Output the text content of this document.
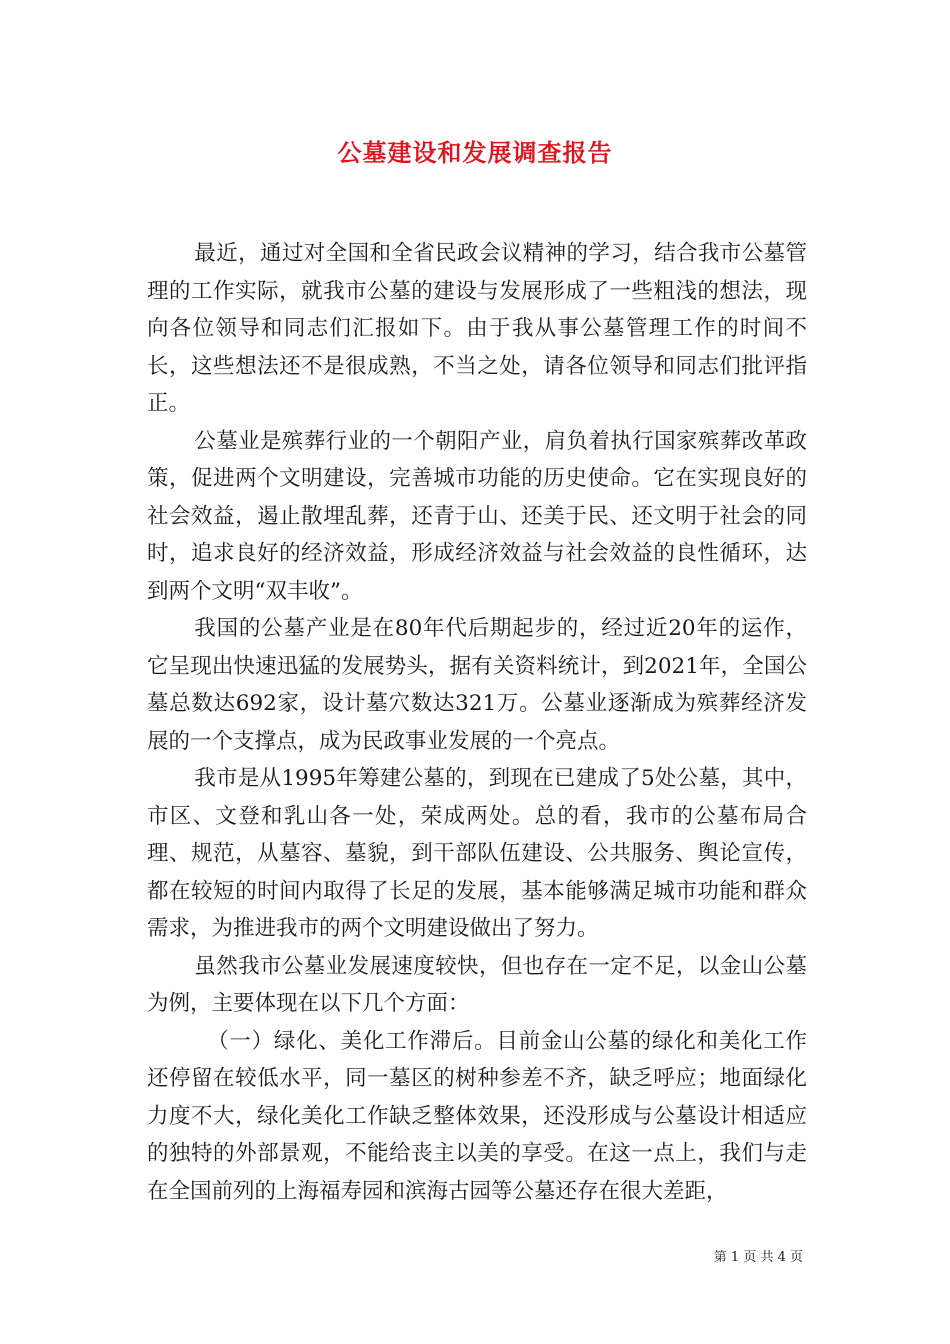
公墓建设和发展调查报告

最近，通过对全国和全省民政会议精神的学习，结合我市公墓管理的工作实际，就我市公墓的建设与发展形成了一些粗浅的想法，现向各位领导和同志们汇报如下。由于我从事公墓管理工作的时间不长，这些想法还不是很成熟，不当之处，请各位领导和同志们批评指正。

公墓业是殡葬行业的一个朝阳产业，肩负着执行国家殡葬改革政策，促进两个文明建设，完善城市功能的历史使命。它在实现良好的社会效益，遏止散埋乱葬，还青于山、还美于民、还文明于社会的同时，追求良好的经济效益，形成经济效益与社会效益的良性循环，达到两个文明“双丰收”。

我国的公墓产业是在80年代后期起步的，经过近20年的运作，它呈现出快速迅猛的发展势头，据有关资料统计，到2021年，全国公墓总数达692家，设计墓穴数达321万。公墓业逐渐成为殡葬经济发展的一个支撑点，成为民政事业发展的一个亮点。

我市是从1995年筹建公墓的，到现在已建成了5处公墓，其中，市区、文登和乳山各一处，荣成两处。总的看，我市的公墓布局合理、规范，从墓容、墓貌，到干部队伍建设、公共服务、舆论宣传，都在较短的时间内取得了长足的发展，基本能够满足城市功能和群众需求，为推进我市的两个文明建设做出了努力。

虽然我市公墓业发展速度较快，但也存在一定不足，以金山公墓为例，主要体现在以下几个方面：

（一）绿化、美化工作滞后。目前金山公墓的绿化和美化工作还停留在较低水平，同一墓区的树种参差不齐，缺乏呼应；地面绿化力度不大，绿化美化工作缺乏整体效果，还没形成与公墓设计相适应的独特的外部景观，不能给丧主以美的享受。在这一点上，我们与走在全国前列的上海福寿园和滨海古园等公墓还存在很大差距，

第 1 页 共 4 页
